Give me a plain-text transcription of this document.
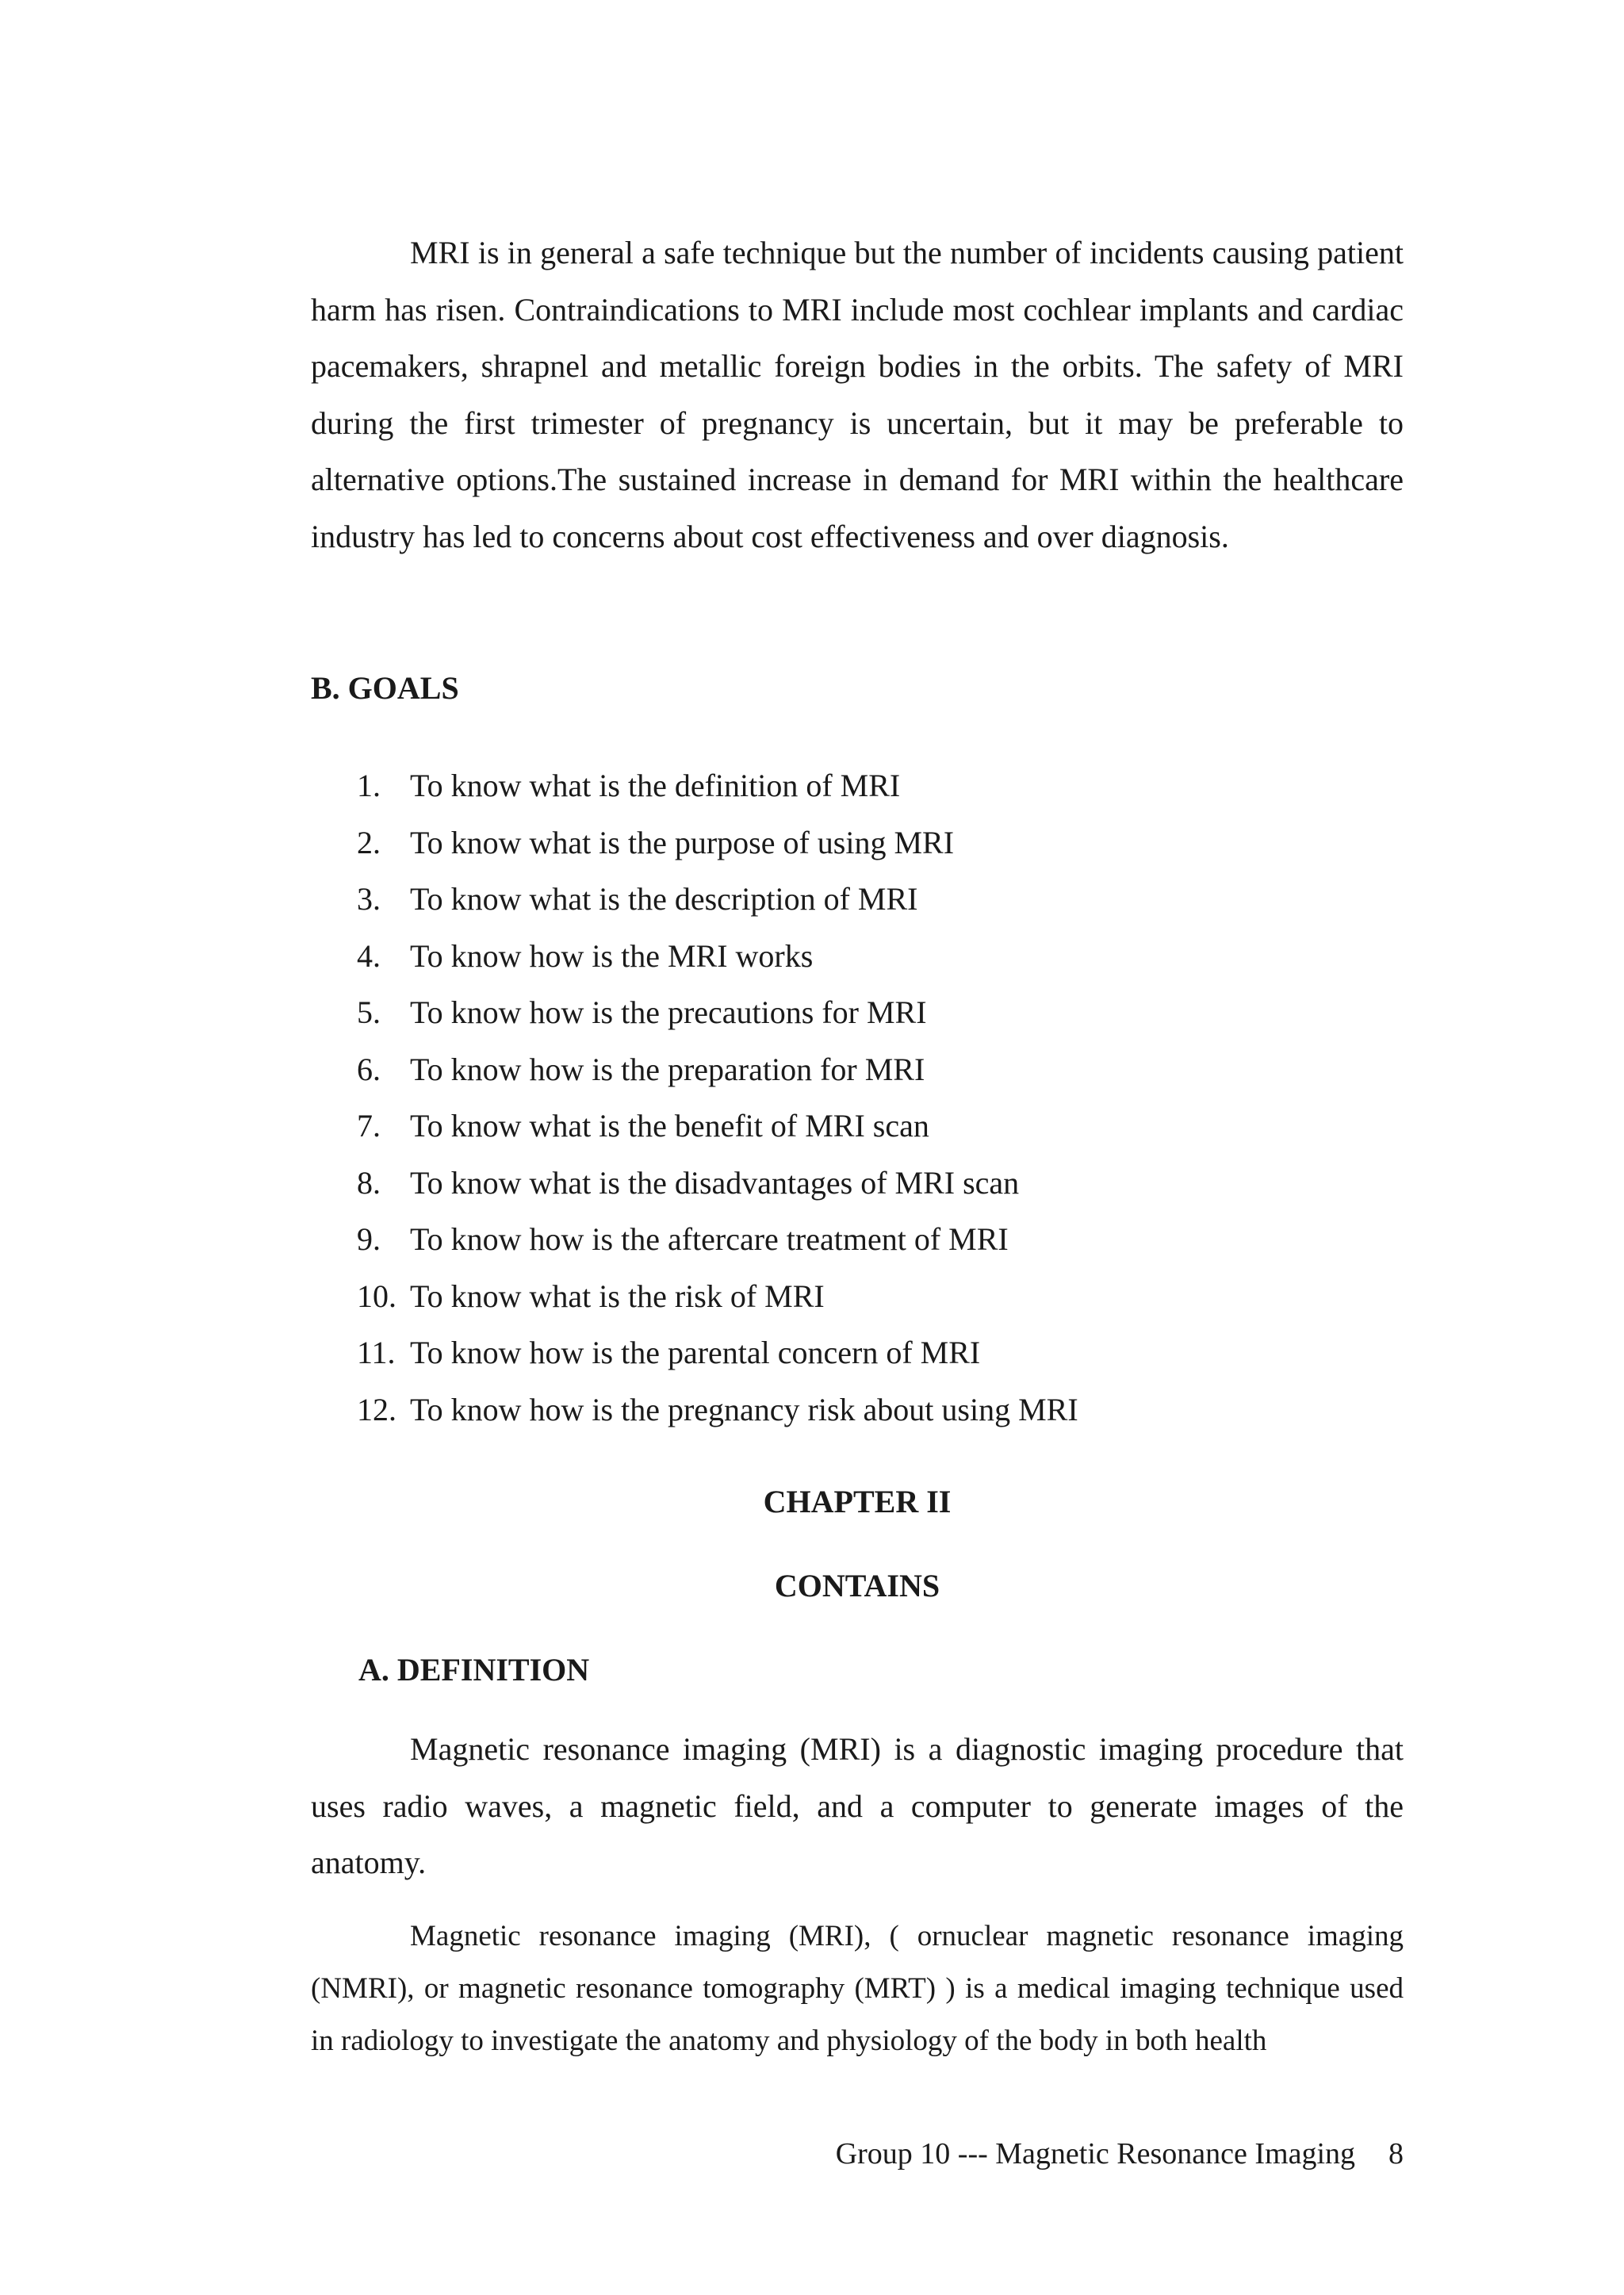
MRI is in general a safe technique but the number of incidents causing patient harm has risen. Contraindications to MRI include most cochlear implants and cardiac pacemakers, shrapnel and metallic foreign bodies in the orbits. The safety of MRI during the first trimester of pregnancy is uncertain, but it may be preferable to alternative options.The sustained increase in demand for MRI within the healthcare industry has led to concerns about cost effectiveness and over diagnosis.

B. GOALS

1. To know what is the definition of MRI
2. To know what is the purpose of using MRI
3. To know what is the description of MRI
4. To know how is the MRI works
5. To know how is the precautions for MRI
6. To know how is the preparation for MRI
7. To know what is the benefit of MRI scan
8. To know what is the disadvantages of MRI scan
9. To know how is the aftercare treatment of MRI
10. To know what is the risk of MRI
11. To know how is the parental concern of MRI
12. To know how is the pregnancy risk about using MRI
CHAPTER II
CONTAINS

A. DEFINITION

Magnetic resonance imaging (MRI) is a diagnostic imaging procedure that uses radio waves, a magnetic field, and a computer to generate images of the anatomy.

Magnetic resonance imaging (MRI), ( ornuclear magnetic resonance imaging (NMRI), or magnetic resonance tomography (MRT) ) is a medical imaging technique used in radiology to investigate the anatomy and physiology of the body in both health

Group 10 --- Magnetic Resonance Imaging 8
